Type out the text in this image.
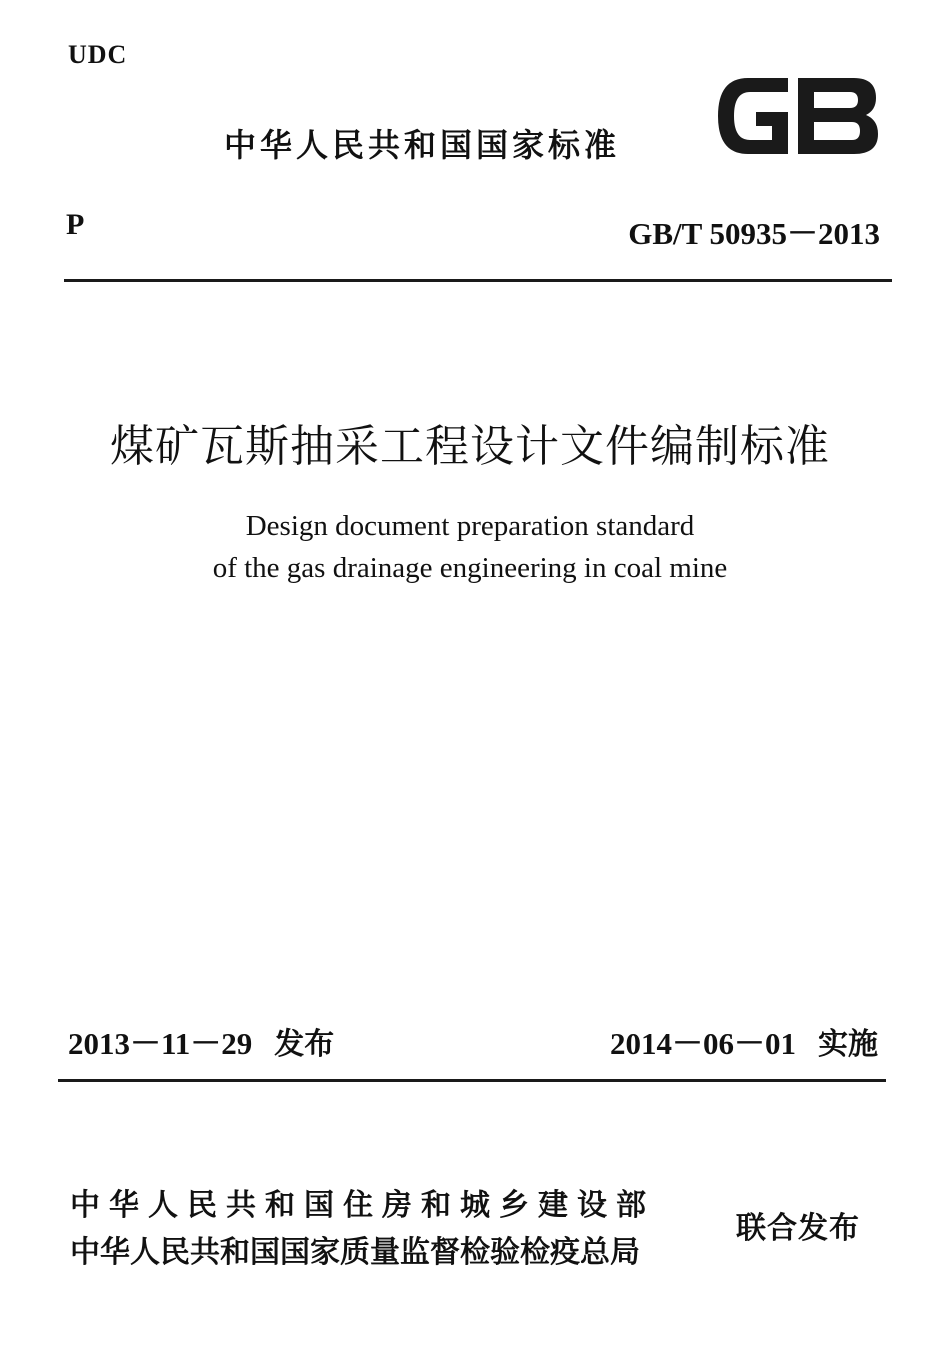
UDC
中华人民共和国国家标准
P	GB/T 50935－2013
煤矿瓦斯抽采工程设计文件编制标准
Design document preparation standard
of the gas drainage engineering in coal mine
2013－11－29 发布	2014－06－01 实施
中华人民共和国住房和城乡建设部
中华人民共和国国家质量监督检验检疫总局
联合发布
